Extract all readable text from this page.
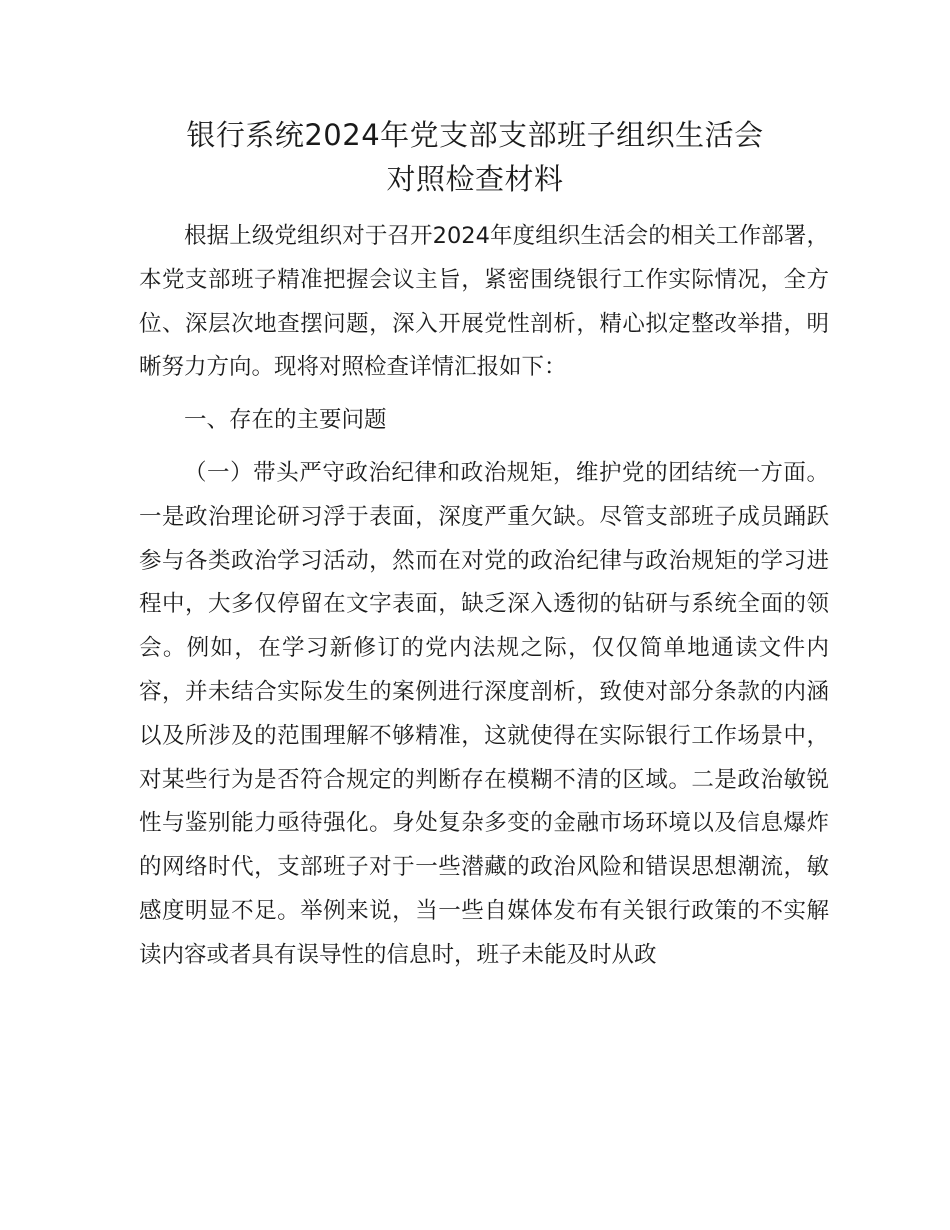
银行系统2024年党支部支部班子组织生活会
对照检查材料

根据上级党组织对于召开2024年度组织生活会的相关工作部署，本党支部班子精准把握会议主旨，紧密围绕银行工作实际情况，全方位、深层次地查摆问题，深入开展党性剖析，精心拟定整改举措，明晰努力方向。现将对照检查详情汇报如下：

一、存在的主要问题

（一）带头严守政治纪律和政治规矩，维护党的团结统一方面。一是政治理论研习浮于表面，深度严重欠缺。尽管支部班子成员踊跃参与各类政治学习活动，然而在对党的政治纪律与政治规矩的学习进程中，大多仅停留在文字表面，缺乏深入透彻的钻研与系统全面的领会。例如，在学习新修订的党内法规之际，仅仅简单地通读文件内容，并未结合实际发生的案例进行深度剖析，致使对部分条款的内涵以及所涉及的范围理解不够精准，这就使得在实际银行工作场景中，对某些行为是否符合规定的判断存在模糊不清的区域。二是政治敏锐性与鉴别能力亟待强化。身处复杂多变的金融市场环境以及信息爆炸的网络时代，支部班子对于一些潜藏的政治风险和错误思想潮流，敏感度明显不足。举例来说，当一些自媒体发布有关银行政策的不实解读内容或者具有误导性的信息时，班子未能及时从政
